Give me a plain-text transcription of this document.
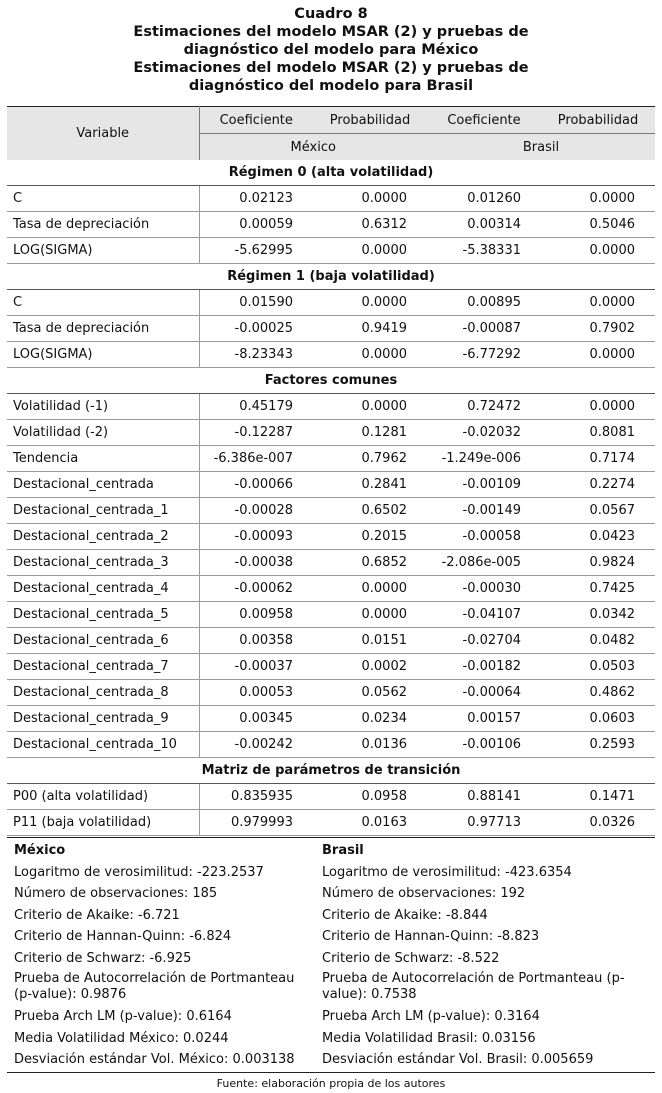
Cuadro 8
Estimaciones del modelo MSAR (2) y pruebas de
diagnóstico del modelo para México
Estimaciones del modelo MSAR (2) y pruebas de
diagnóstico del modelo para Brasil
Variable	Coeficiente	Probabilidad	Coeficiente	Probabilidad
	México		Brasil	
Régimen 0 (alta volatilidad)				
C	0.02123	0.0000	0.01260	0.0000
Tasa de depreciación	0.00059	0.6312	0.00314	0.5046
LOG(SIGMA)	-5.62995	0.0000	-5.38331	0.0000
Régimen 1 (baja volatilidad)				
C	0.01590	0.0000	0.00895	0.0000
Tasa de depreciación	-0.00025	0.9419	-0.00087	0.7902
LOG(SIGMA)	-8.23343	0.0000	-6.77292	0.0000
Factores comunes				
Volatilidad (-1)	0.45179	0.0000	0.72472	0.0000
Volatilidad (-2)	-0.12287	0.1281	-0.02032	0.8081
Tendencia	-6.386e-007	0.7962	-1.249e-006	0.7174
Destacional_centrada	-0.00066	0.2841	-0.00109	0.2274
Destacional_centrada_1	-0.00028	0.6502	-0.00149	0.0567
Destacional_centrada_2	-0.00093	0.2015	-0.00058	0.0423
Destacional_centrada_3	-0.00038	0.6852	-2.086e-005	0.9824
Destacional_centrada_4	-0.00062	0.0000	-0.00030	0.7425
Destacional_centrada_5	0.00958	0.0000	-0.04107	0.0342
Destacional_centrada_6	0.00358	0.0151	-0.02704	0.0482
Destacional_centrada_7	-0.00037	0.0002	-0.00182	0.0503
Destacional_centrada_8	0.00053	0.0562	-0.00064	0.4862
Destacional_centrada_9	0.00345	0.0234	0.00157	0.0603
Destacional_centrada_10	-0.00242	0.0136	-0.00106	0.2593
Matriz de parámetros de transición				
P00 (alta volatilidad)	0.835935	0.0958	0.88141	0.1471
P11 (baja volatilidad)	0.979993	0.0163	0.97713	0.0326
México
Logaritmo de verosimilitud: -223.2537
Número de observaciones: 185
Criterio de Akaike: -6.721
Criterio de Hannan-Quinn: -6.824
Criterio de Schwarz: -6.925
Prueba de Autocorrelación de Portmanteau (p-value): 0.9876
Prueba Arch LM (p-value): 0.6164
Media Volatilidad México: 0.0244
Desviación estándar Vol. México: 0.003138
Brasil
Logaritmo de verosimilitud: -423.6354
Número de observaciones: 192
Criterio de Akaike: -8.844
Criterio de Hannan-Quinn: -8.823
Criterio de Schwarz: -8.522
Prueba de Autocorrelación de Portmanteau (p-value): 0.7538
Prueba Arch LM (p-value): 0.3164
Media Volatilidad Brasil: 0.03156
Desviación estándar Vol. Brasil: 0.005659
Fuente: elaboración propia de los autores
